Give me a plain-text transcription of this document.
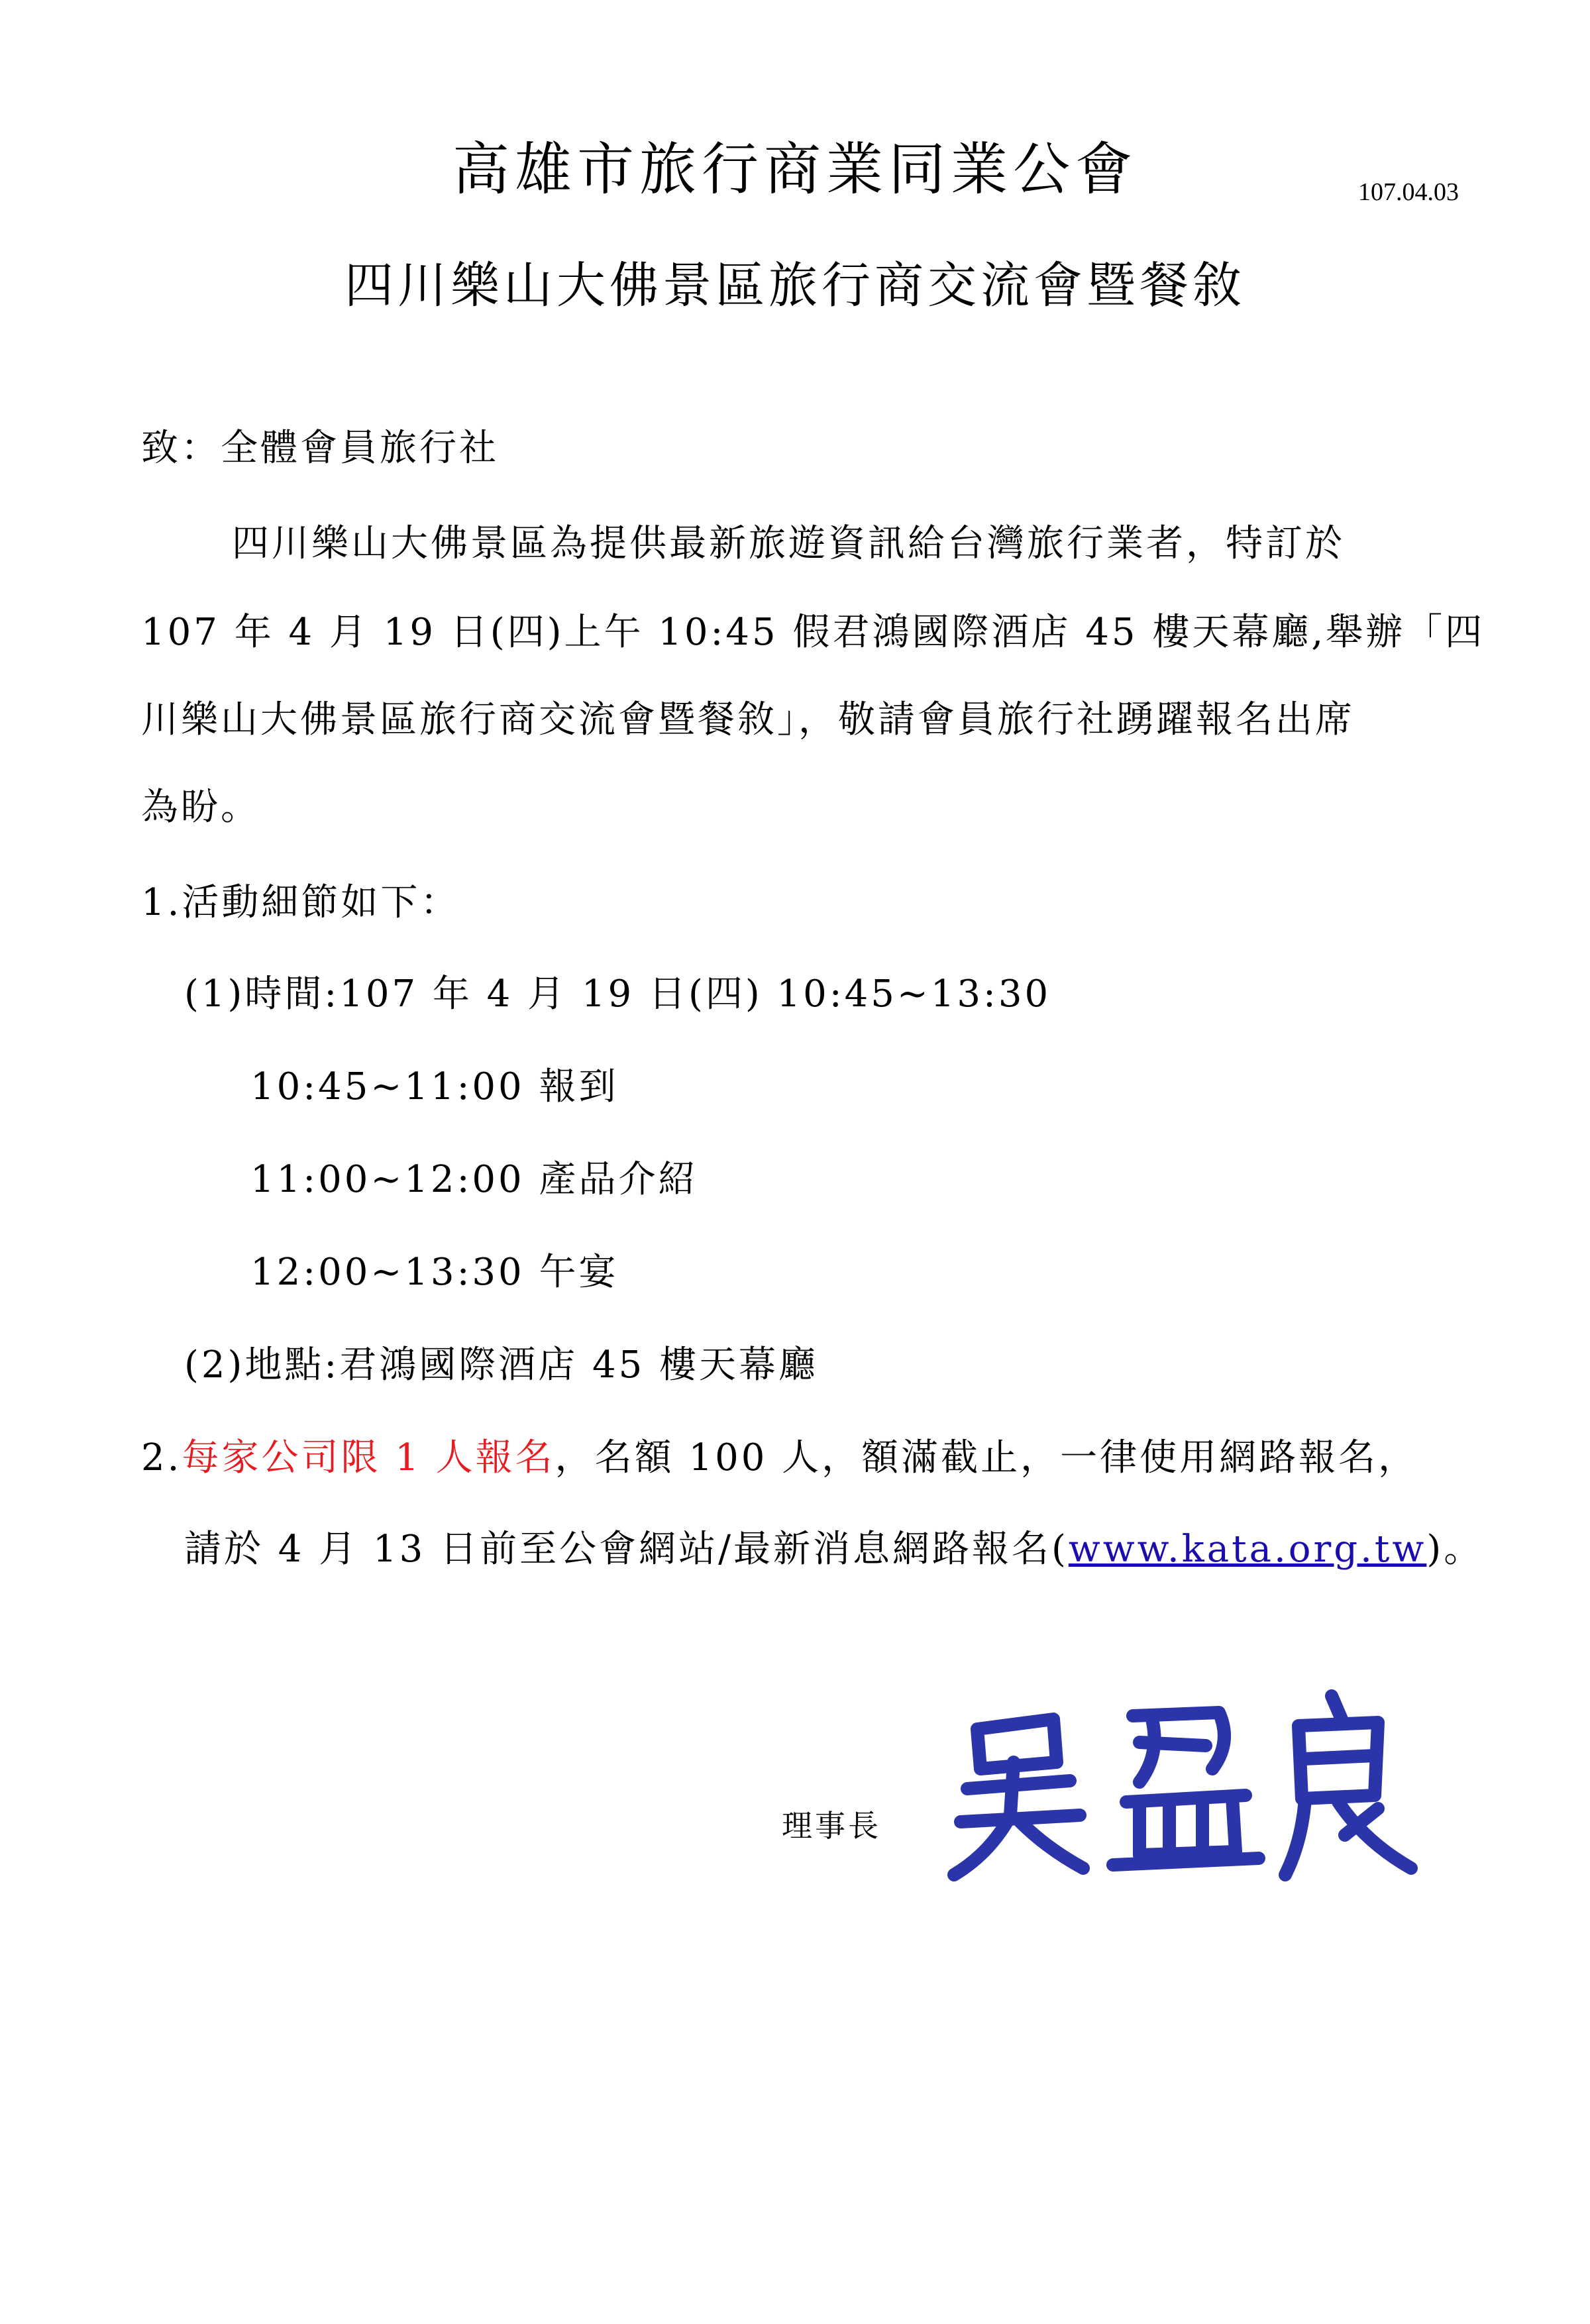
高雄市旅行商業同業公會	107.04.03
四川樂山大佛景區旅行商交流會暨餐敘
致：全體會員旅行社
四川樂山大佛景區為提供最新旅遊資訊給台灣旅行業者，特訂於
107 年 4 月 19 日(四)上午 10:45 假君鴻國際酒店 45 樓天幕廳,舉辦「四
川樂山大佛景區旅行商交流會暨餐敘」，敬請會員旅行社踴躍報名出席
為盼。
1.活動細節如下：
(1)時間:107 年 4 月 19 日(四) 10:45~13:30
10:45~11:00 報到
11:00~12:00 產品介紹
12:00~13:30 午宴
(2)地點:君鴻國際酒店 45 樓天幕廳
2.每家公司限 1 人報名，名額 100 人，額滿截止，一律使用網路報名，
請於 4 月 13 日前至公會網站/最新消息網路報名(www.kata.org.tw)。
理事長
